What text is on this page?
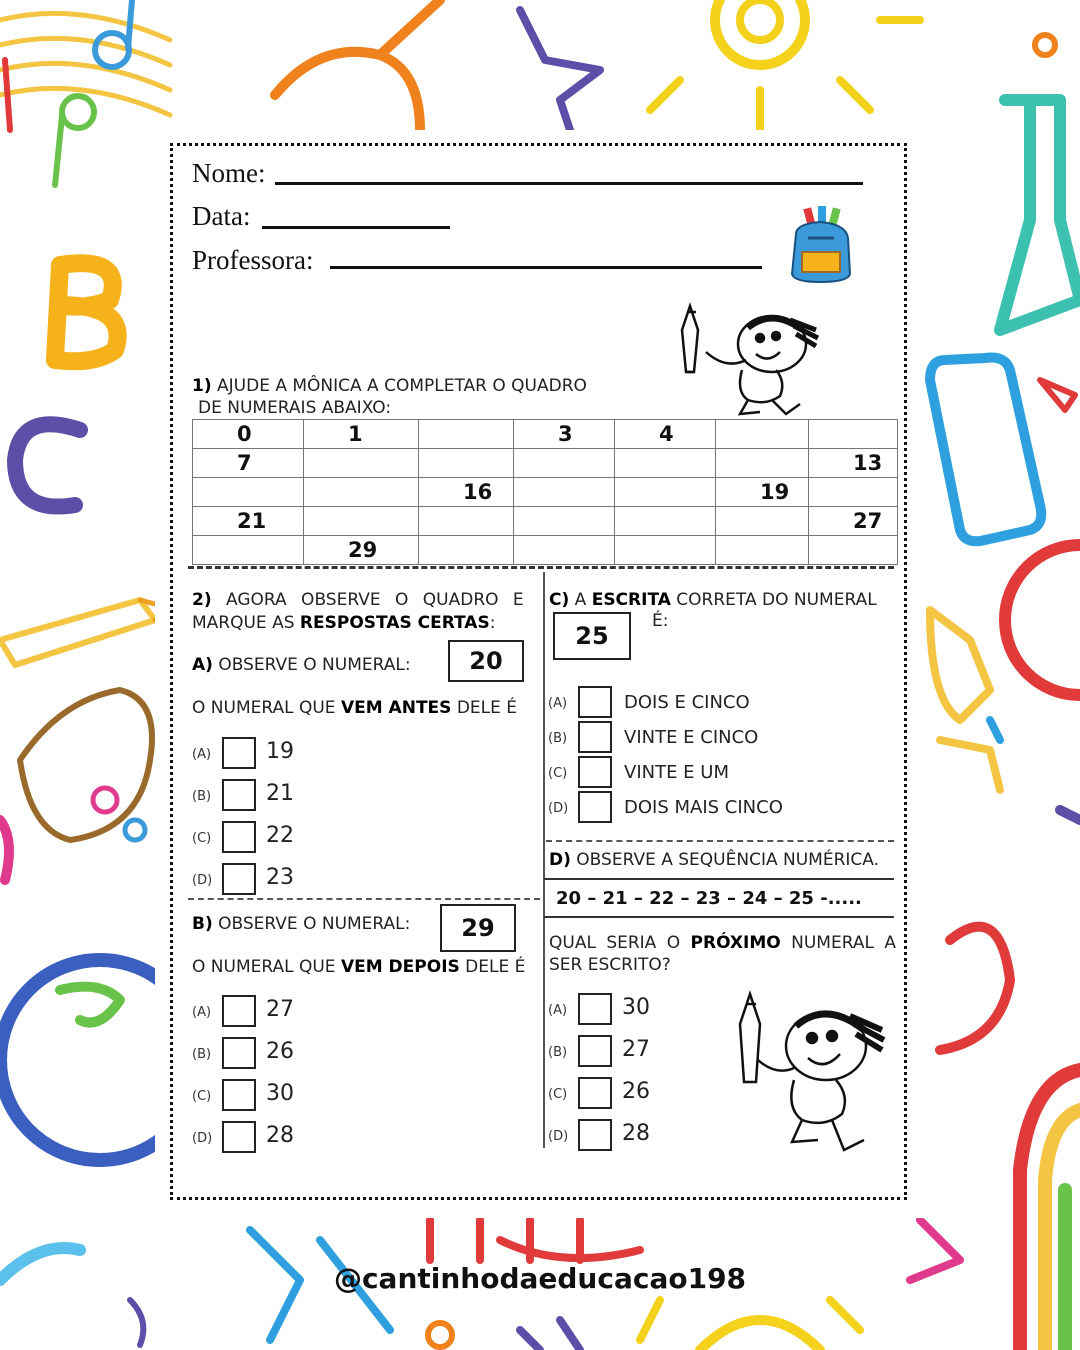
Nome:
Data:
Professora:
1) AJUDE A MÔNICA A COMPLETAR O QUADRO
DE NUMERAIS ABAIXO:
0	1		3	4		
7						13
		16			19	
21						27
	29					
2) AGORA OBSERVE O QUADRO E
MARQUE AS RESPOSTAS CERTAS:
A) OBSERVE O NUMERAL:	20
O NUMERAL QUE VEM ANTES DELE É
(A) 19
(B) 21
(C) 22
(D) 23
B) OBSERVE O NUMERAL:	29
O NUMERAL QUE VEM DEPOIS DELE É
(A) 27
(B) 26
(C) 30
(D) 28
C) A ESCRITA CORRETA DO NUMERAL
É:
25
(A)	DOIS E CINCO
(B)	VINTE E CINCO
(C)	VINTE E UM
(D)	DOIS MAIS CINCO
D) OBSERVE A SEQUÊNCIA NUMÉRICA.
20 – 21 – 22 – 23 – 24 – 25 -.....
QUAL SERIA O PRÓXIMO NUMERAL A
SER ESCRITO?
(A) 30
(B) 27
(C) 26
(D) 28
@cantinhodaeducacao198
